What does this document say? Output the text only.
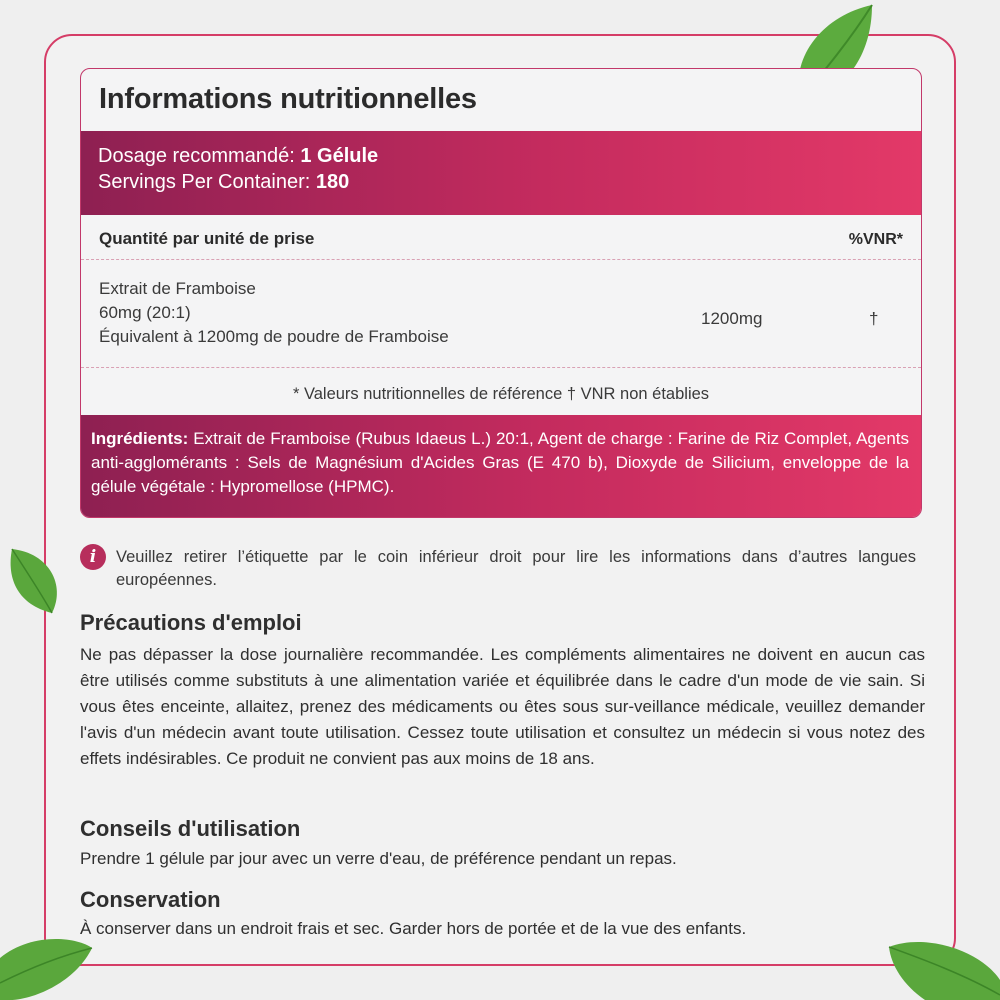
Informations nutritionnelles
Dosage recommandé: 1 Gélule
Servings Per Container: 180
Quantité par unité de prise	%VNR*
Extrait de Framboise
60mg (20:1)
Équivalent à 1200mg de poudre de Framboise
1200mg	†
* Valeurs nutritionnelles de référence † VNR non établies
Ingrédients: Extrait de Framboise (Rubus Idaeus L.) 20:1, Agent de charge : Farine de Riz Complet, Agents anti-agglomérants : Sels de Magnésium d'Acides Gras (E 470 b), Dioxyde de Silicium, enveloppe de la gélule végétale : Hypromellose (HPMC).
i	Veuillez retirer l’étiquette par le coin inférieur droit pour lire les informations dans d’autres langues européennes.
Précautions d'emploi
Ne pas dépasser la dose journalière recommandée. Les compléments alimentaires ne doivent en aucun cas être utilisés comme substituts à une alimentation variée et équilibrée dans le cadre d'un mode de vie sain. Si vous êtes enceinte, allaitez, prenez des médicaments ou êtes sous sur-veillance médicale, veuillez demander l'avis d'un médecin avant toute utilisation. Cessez toute utilisation et consultez un médecin si vous notez des effets indésirables. Ce produit ne convient pas aux moins de 18 ans.
Conseils d'utilisation
Prendre 1 gélule par jour avec un verre d'eau, de préférence pendant un repas.
Conservation
À conserver dans un endroit frais et sec. Garder hors de portée et de la vue des enfants.
